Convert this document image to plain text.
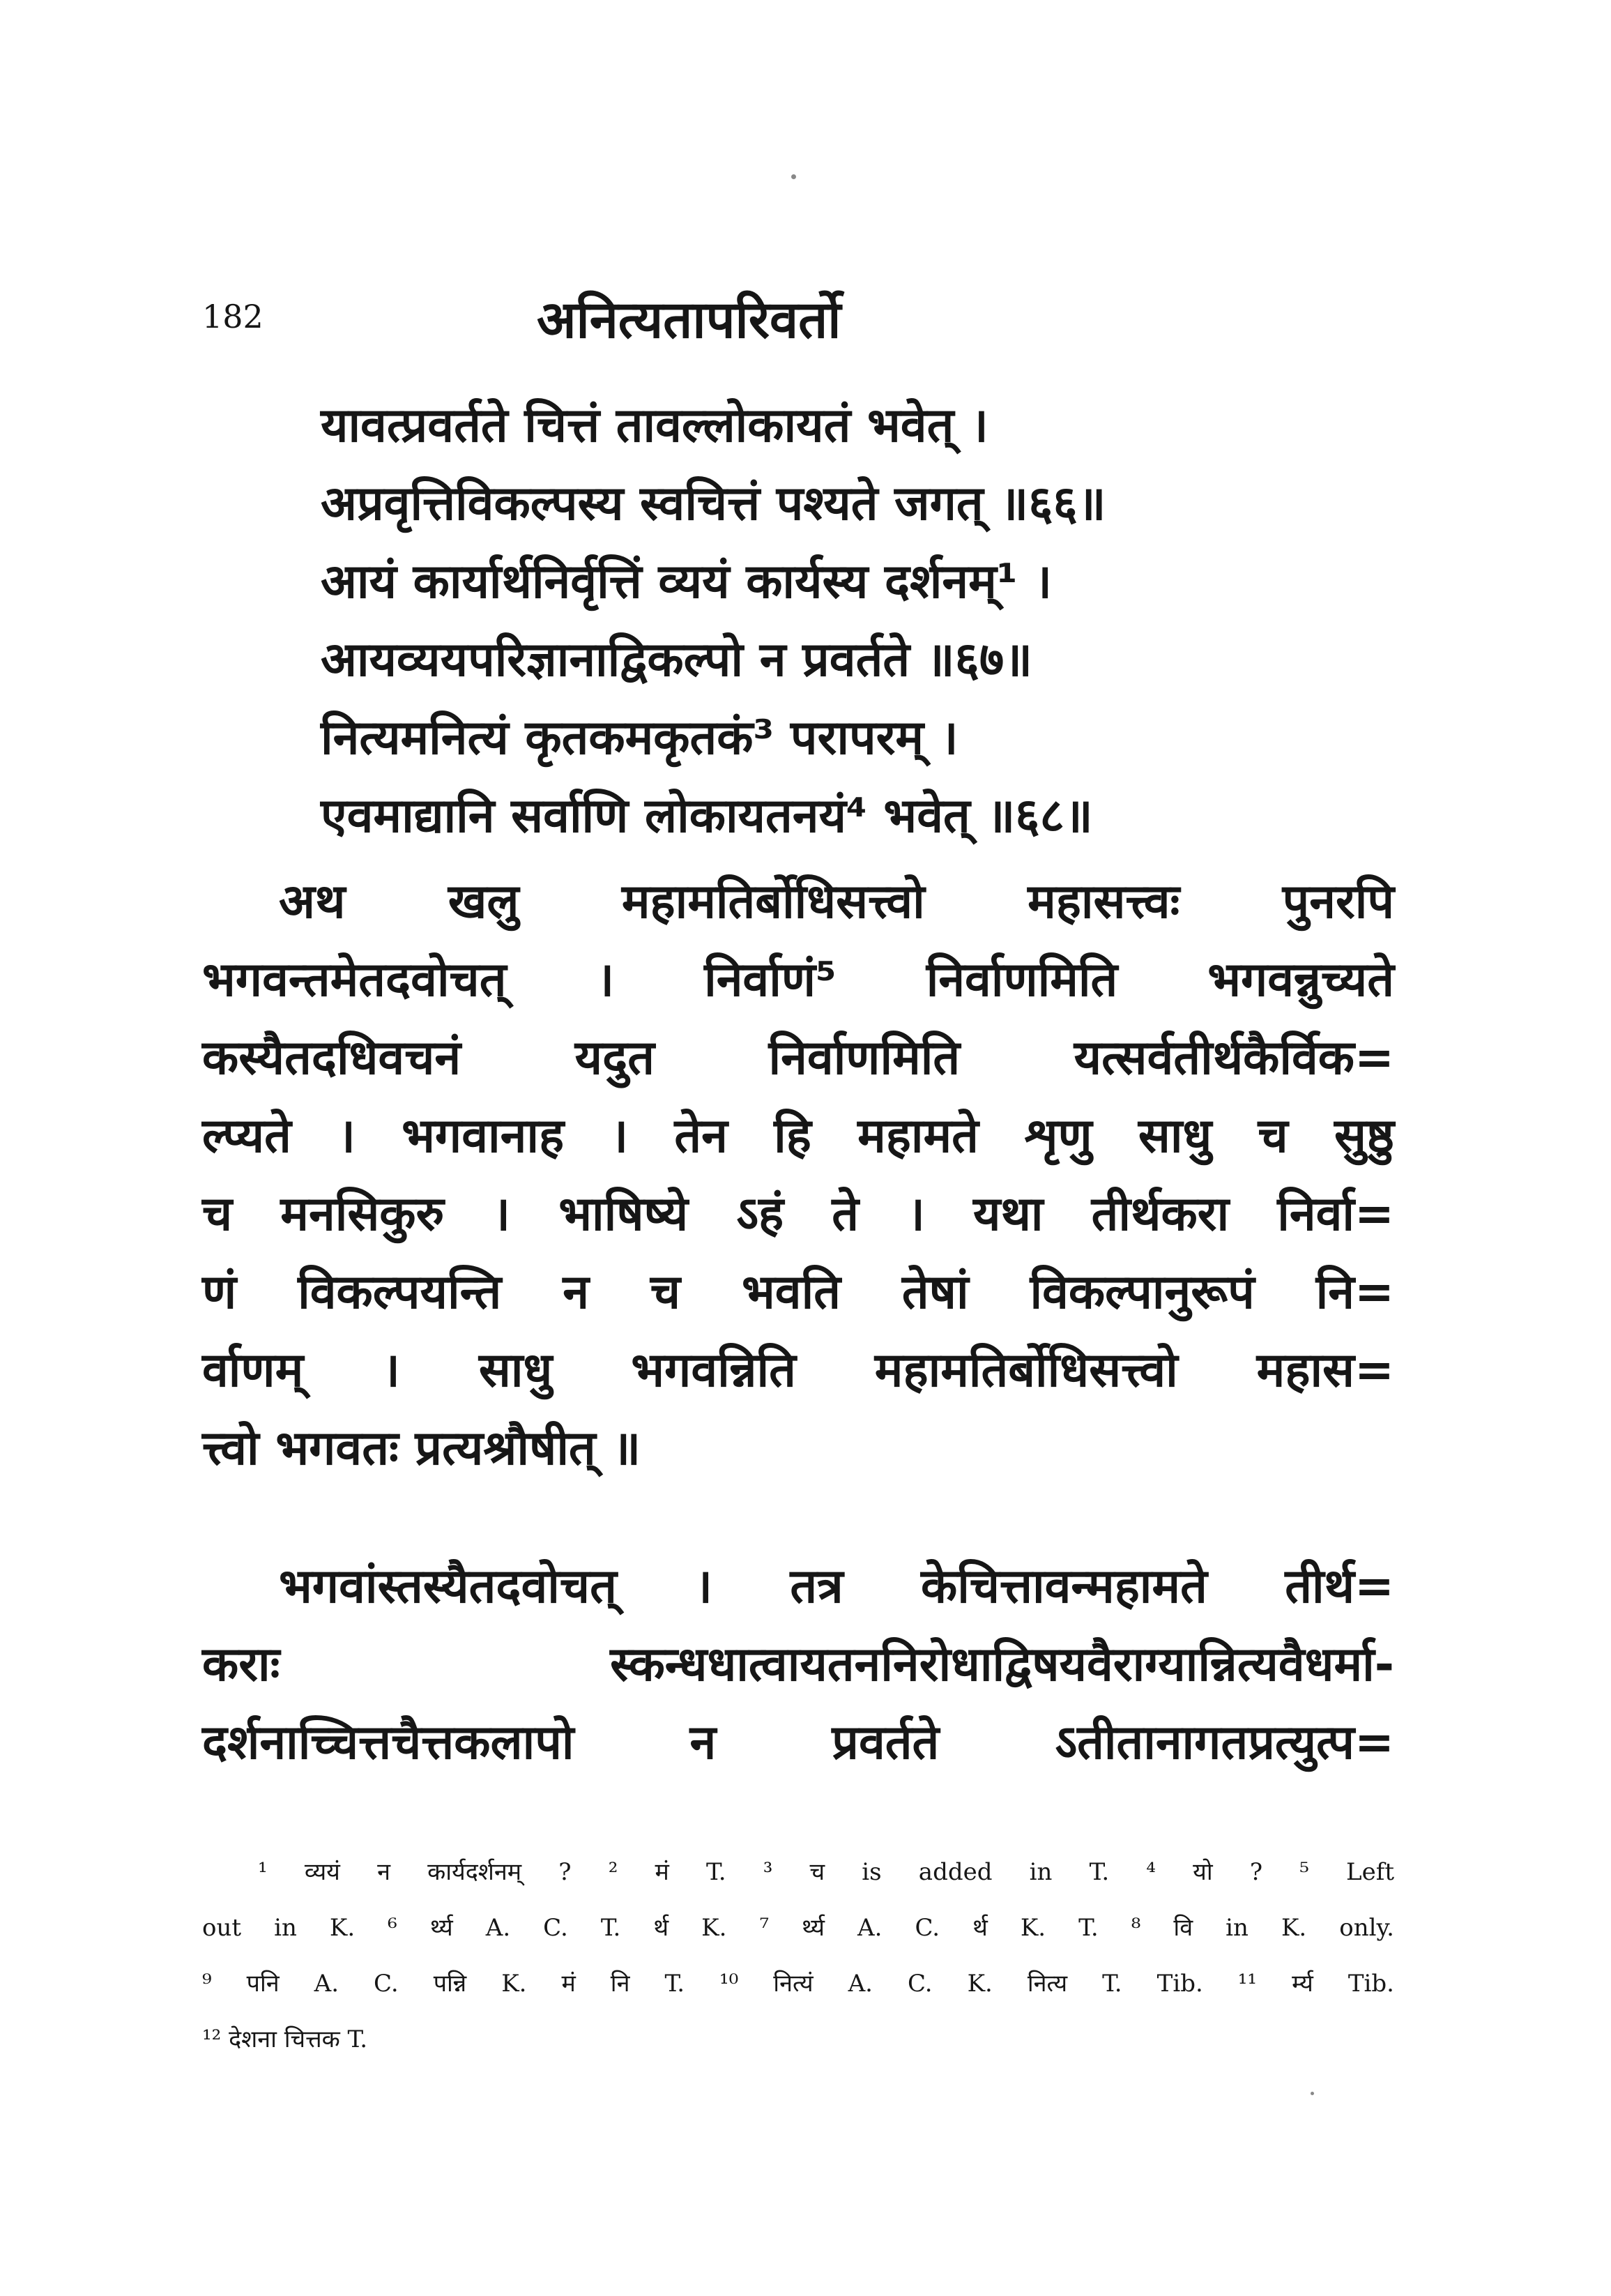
182	अनित्यतापरिवर्तो
यावत्प्रवर्तते चित्तं तावल्लोकायतं भवेत् ।
अप्रवृत्तिविकल्पस्य स्वचित्तं पश्यते जगत् ॥६६॥
आयं कार्यार्थनिर्वृत्तिं व्ययं कार्यस्य दर्शनम्¹ ।
आयव्ययपरिज्ञानाद्विकल्पो न प्रवर्तते ॥६७॥
नित्यमनित्यं कृतकमकृतकं³ परापरम् ।
एवमाद्यानि सर्वाणि लोकायतनयं⁴ भवेत् ॥६८॥
अथ खलु महामतिर्बोधिसत्त्वो महासत्त्वः पुनरपि
भगवन्तमेतदवोचत् । निर्वाणं⁵ निर्वाणमिति भगवन्नुच्यते
कस्यैतदधिवचनं यदुत निर्वाणमिति यत्सर्वतीर्थकैर्विक=
ल्प्यते । भगवानाह । तेन हि महामते शृणु साधु च सुष्ठु
च मनसिकुरु । भाषिष्ये ऽहं ते । यथा तीर्थकरा निर्वा=
णं विकल्पयन्ति न च भवति तेषां विकल्पानुरूपं नि=
र्वाणम् । साधु भगवन्निति महामतिर्बोधिसत्त्वो महास=
त्त्वो भगवतः प्रत्यश्रौषीत् ॥
भगवांस्तस्यैतदवोचत् । तत्र केचित्तावन्महामते तीर्थ=
कराः स्कन्धधात्वायतननिरोधाद्विषयवैराग्यान्नित्यवैधर्मा-
दर्शनाच्चित्तचैत्तकलापो न प्रवर्तते ऽतीतानागतप्रत्युत्प=
¹ व्ययं न कार्यदर्शनम् ? ² मं T. ³ च is added in T. ⁴ यो ? ⁵ Left
out in K. ⁶ र्थ्य A. C. T. र्थ K. ⁷ र्थ्य A. C. र्थ K. T. ⁸ वि in K. only.
⁹ पनि A. C. पन्नि K. मं नि T. ¹⁰ नित्यं A. C. K. नित्य T. Tib. ¹¹ र्म्य Tib.
¹² देशना चित्तक T.
